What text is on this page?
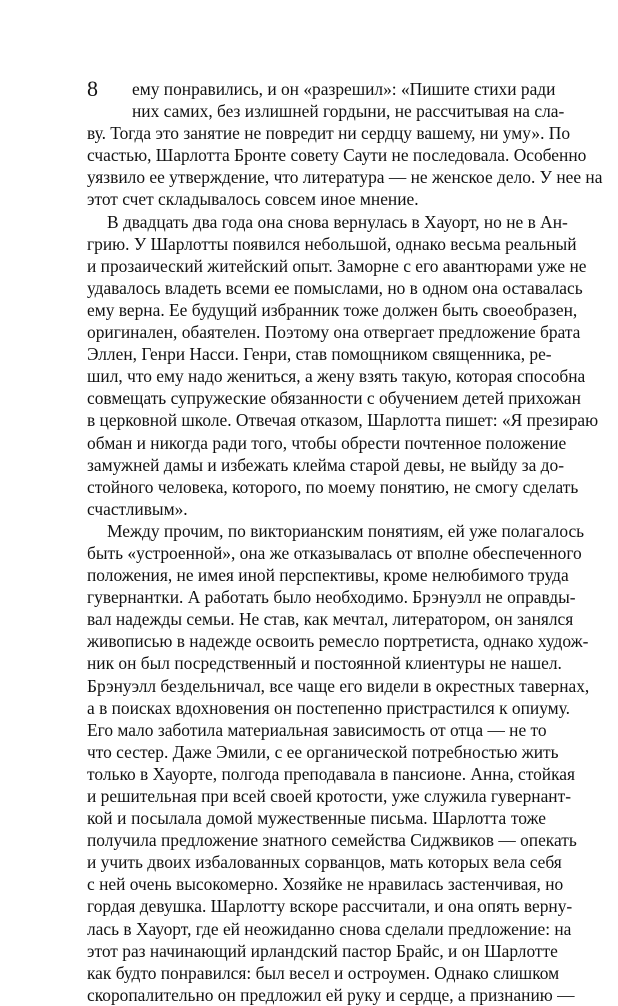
8	ему понравились, и он «разрешил»: «Пишите стихи ради
них самих, без излишней гордыни, не рассчитывая на сла-
ву. Тогда это занятие не повредит ни сердцу вашему, ни уму». По
счастью, Шарлотта Бронте совету Саути не последовала. Особенно
уязвило ее утверждение, что литература — не женское дело. У нее на
этот счет складывалось совсем иное мнение.
В двадцать два года она снова вернулась в Хауорт, но не в Ан-
грию. У Шарлотты появился небольшой, однако весьма реальный
и прозаический житейский опыт. Заморне с его авантюрами уже не
удавалось владеть всеми ее помыслами, но в одном она оставалась
ему верна. Ее будущий избранник тоже должен быть своеобразен,
оригинален, обаятелен. Поэтому она отвергает предложение брата
Эллен, Генри Насси. Генри, став помощником священника, ре-
шил, что ему надо жениться, а жену взять такую, которая способна
совмещать супружеские обязанности с обучением детей прихожан
в церковной школе. Отвечая отказом, Шарлотта пишет: «Я презираю
обман и никогда ради того, чтобы обрести почтенное положение
замужней дамы и избежать клейма старой девы, не выйду за до-
стойного человека, которого, по моему понятию, не смогу сделать
счастливым».
Между прочим, по викторианским понятиям, ей уже полагалось
быть «устроенной», она же отказывалась от вполне обеспеченного
положения, не имея иной перспективы, кроме нелюбимого труда
гувернантки. А работать было необходимо. Брэнуэлл не оправды-
вал надежды семьи. Не став, как мечтал, литератором, он занялся
живописью в надежде освоить ремесло портретиста, однако худож-
ник он был посредственный и постоянной клиентуры не нашел.
Брэнуэлл бездельничал, все чаще его видели в окрестных тавернах,
а в поисках вдохновения он постепенно пристрастился к опиуму.
Его мало заботила материальная зависимость от отца — не то
что сестер. Даже Эмили, с ее органической потребностью жить
только в Хауорте, полгода преподавала в пансионе. Анна, стойкая
и решительная при всей своей кротости, уже служила гувернант-
кой и посылала домой мужественные письма. Шарлотта тоже
получила предложение знатного семейства Сиджвиков — опекать
и учить двоих избалованных сорванцов, мать которых вела себя
с ней очень высокомерно. Хозяйке не нравилась застенчивая, но
гордая девушка. Шарлотту вскоре рассчитали, и она опять верну-
лась в Хауорт, где ей неожиданно снова сделали предложение: на
этот раз начинающий ирландский пастор Брайс, и он Шарлотте
как будто понравился: был весел и остроумен. Однако слишком
скоропалительно он предложил ей руку и сердце, а признанию —
